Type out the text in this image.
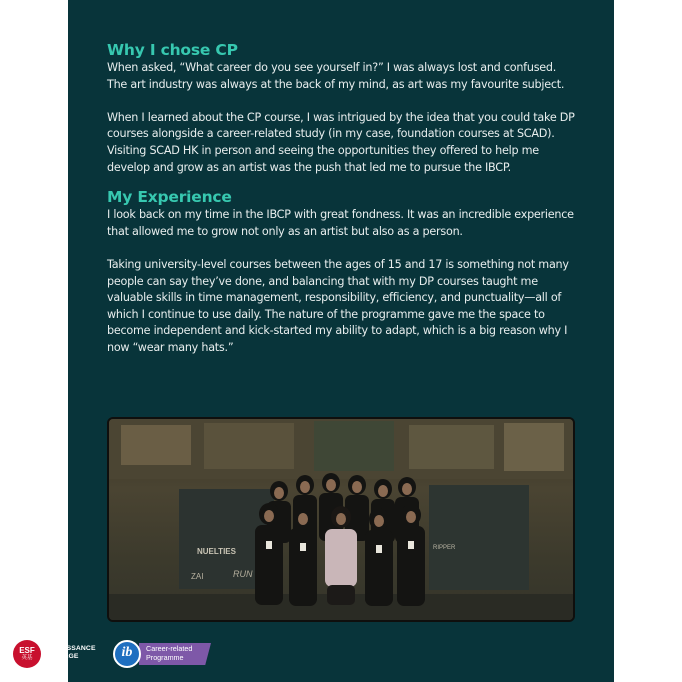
Why I chose CP

When asked, “What career do you see yourself in?” I was always lost and confused. The art industry was always at the back of my mind, as art was my favourite subject.

When I learned about the CP course, I was intrigued by the idea that you could take DP courses alongside a career-related study (in my case, foundation courses at SCAD). Visiting SCAD HK in person and seeing the opportunities they offered to help me develop and grow as an artist was the push that led me to pursue the IBCP.

My Experience

I look back on my time in the IBCP with great fondness. It was an incredible experience that allowed me to grow not only as an artist but also as a person.

Taking university-level courses between the ages of 15 and 17 is something not many people can say they’ve done, and balancing that with my DP courses taught me valuable skills in time management, responsibility, efficiency, and punctuality—all of which I continue to use daily. The nature of the programme gave me the space to become independent and kick-started my ability to adapt, which is a big reason why I now “wear many hats.”

NUELTIES
ZAI	RUN
RIPPER
ESF
英基
RENAISSANCE
COLLEGE	ib	Career-related
Programme
